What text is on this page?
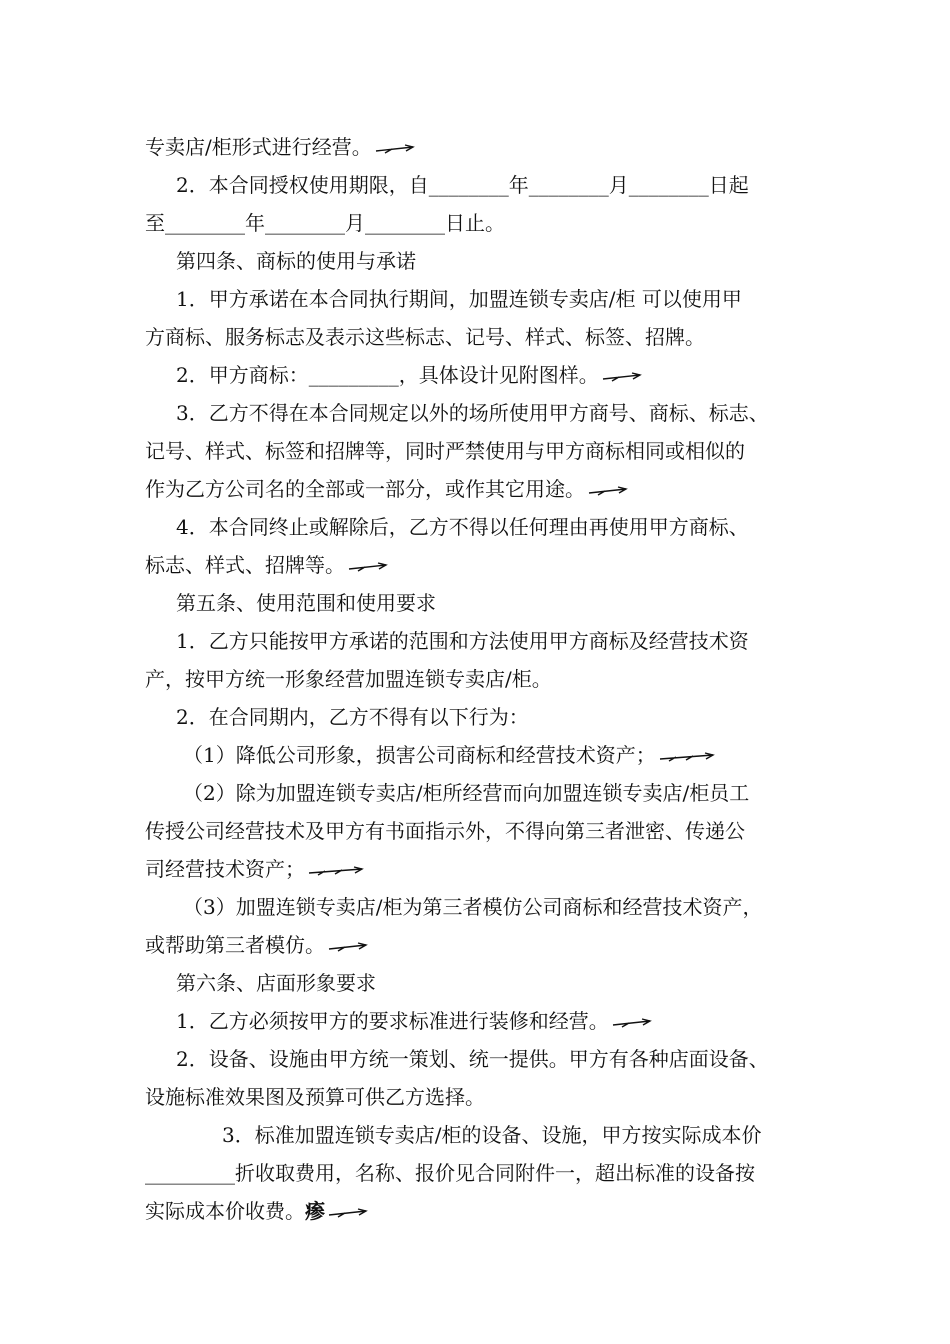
专卖店/柜形式进行经营。
2．本合同授权使用期限，自________年________月________日起
至________年________月________日止。
第四条、商标的使用与承诺
1．甲方承诺在本合同执行期间，加盟连锁专卖店/柜 可以使用甲
方商标、服务标志及表示这些标志、记号、样式、标签、招牌。
2．甲方商标：_________，具体设计见附图样。
3．乙方不得在本合同规定以外的场所使用甲方商号、商标、标志、
记号、样式、标签和招牌等，同时严禁使用与甲方商标相同或相似的
作为乙方公司名的全部或一部分，或作其它用途。
4．本合同终止或解除后，乙方不得以任何理由再使用甲方商标、
标志、样式、招牌等。
第五条、使用范围和使用要求
1．乙方只能按甲方承诺的范围和方法使用甲方商标及经营技术资
产，按甲方统一形象经营加盟连锁专卖店/柜。
2．在合同期内，乙方不得有以下行为：
（1）降低公司形象，损害公司商标和经营技术资产；
（2）除为加盟连锁专卖店/柜所经营而向加盟连锁专卖店/柜员工
传授公司经营技术及甲方有书面指示外，不得向第三者泄密、传递公
司经营技术资产；
（3）加盟连锁专卖店/柜为第三者模仿公司商标和经营技术资产，
或帮助第三者模仿。
第六条、店面形象要求
1．乙方必须按甲方的要求标准进行装修和经营。
2．设备、设施由甲方统一策划、统一提供。甲方有各种店面设备、
设施标准效果图及预算可供乙方选择。
3．标准加盟连锁专卖店/柜的设备、设施，甲方按实际成本价
_________折收取费用，名称、报价见合同附件一，超出标准的设备按
实际成本价收费。瘆
